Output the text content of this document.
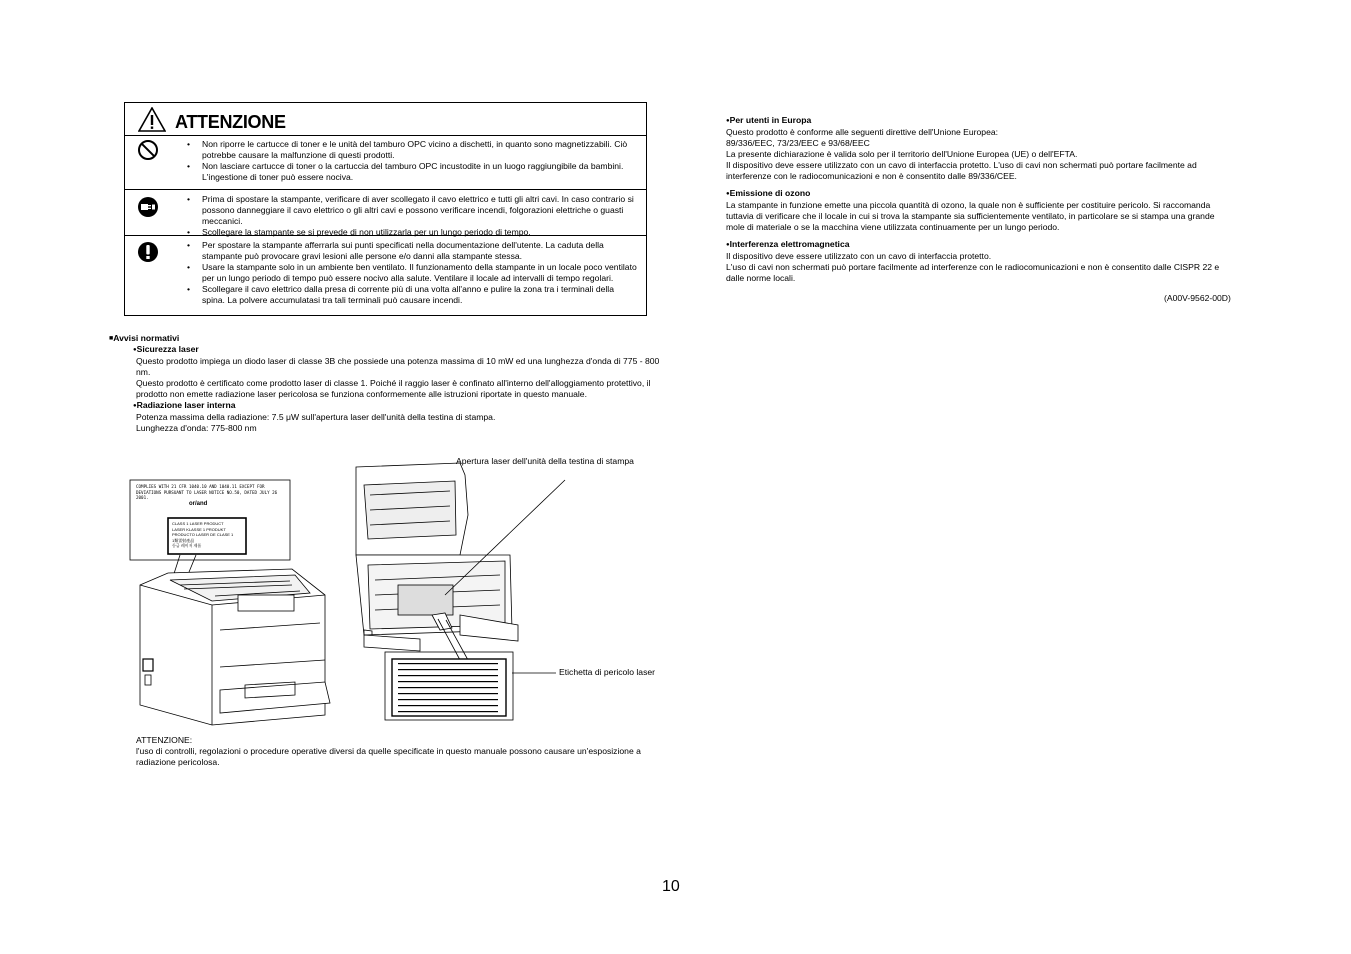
ATTENZIONE
• Non riporre le cartucce di toner e le unità del tamburo OPC vicino a dischetti, in quanto sono magnetizzabili. Ciò potrebbe causare la malfunzione di questi prodotti.
• Non lasciare cartucce di toner o la cartuccia del tamburo OPC incustodite in un luogo raggiungibile da bambini. L'ingestione di toner può essere nociva.
• Prima di spostare la stampante, verificare di aver scollegato il cavo elettrico e tutti gli altri cavi. In caso contrario si possono danneggiare il cavo elettrico o gli altri cavi e possono verificare incendi, folgorazioni elettriche o guasti meccanici.
• Scollegare la stampante se si prevede di non utilizzarla per un lungo periodo di tempo.
• Per spostare la stampante afferrarla sui punti specificati nella documentazione dell'utente. La caduta della stampante può provocare gravi lesioni alle persone e/o danni alla stampante stessa.
• Usare la stampante solo in un ambiente ben ventilato. Il funzionamento della stampante in un locale poco ventilato per un lungo periodo di tempo può essere nocivo alla salute. Ventilare il locale ad intervalli di tempo regolari.
• Scollegare il cavo elettrico dalla presa di corrente più di una volta all'anno e pulire la zona tra i terminali della spina. La polvere accumulatasi tra tali terminali può causare incendi.

■ Avvisi normativi

● Sicurezza laser

Questo prodotto impiega un diodo laser di classe 3B che possiede una potenza massima di 10 mW ed una lunghezza d'onda di 775 - 800 nm.

Questo prodotto è certificato come prodotto laser di classe 1. Poiché il raggio laser è confinato all'interno dell'alloggiamento protettivo, il prodotto non emette radiazione laser pericolosa se funziona conformemente alle istruzioni riportate in questo manuale.

● Radiazione laser interna

Potenza massima della radiazione: 7.5 μW sull'apertura laser dell'unità della testina di stampa.

Lunghezza d'onda: 775-800 nm

COMPLIES WITH 21 CFR 1040.10 AND 1040.11 EXCEPT FOR DEVIATIONS PURSUANT TO LASER NOTICE NO.50, DATED JULY 26 2001.
or/and
CLASS 1 LASER PRODUCT
LASER KLASSE 1 PRODUKT
PRODUCTO LASER DE CLASE 1
1類雷射產品
등급 레이저 제품
Apertura laser dell'unità della testina di stampa
Etichetta di pericolo laser

ATTENZIONE:

l'uso di controlli, regolazioni o procedure operative diversi da quelle specificate in questo manuale possono causare un'esposizione a radiazione pericolosa.

● Per utenti in Europa

Questo prodotto è conforme alle seguenti direttive dell'Unione Europea:

89/336/EEC, 73/23/EEC e 93/68/EEC

La presente dichiarazione è valida solo per il territorio dell'Unione Europea (UE) o dell'EFTA.

Il dispositivo deve essere utilizzato con un cavo di interfaccia protetto. L'uso di cavi non schermati può portare facilmente ad interferenze con le radiocomunicazioni e non è consentito dalle 89/336/CEE.

● Emissione di ozono

La stampante in funzione emette una piccola quantità di ozono, la quale non è sufficiente per costituire pericolo. Si raccomanda tuttavia di verificare che il locale in cui si trova la stampante sia sufficientemente ventilato, in particolare se si stampa una grande mole di materiale o se la macchina viene utilizzata continuamente per un lungo periodo.

● Interferenza elettromagnetica

Il dispositivo deve essere utilizzato con un cavo di interfaccia protetto.

L'uso di cavi non schermati può portare facilmente ad interferenze con le radiocomunicazioni e non è consentito dalle CISPR 22 e dalle norme locali.

(A00V-9562-00D)
10
